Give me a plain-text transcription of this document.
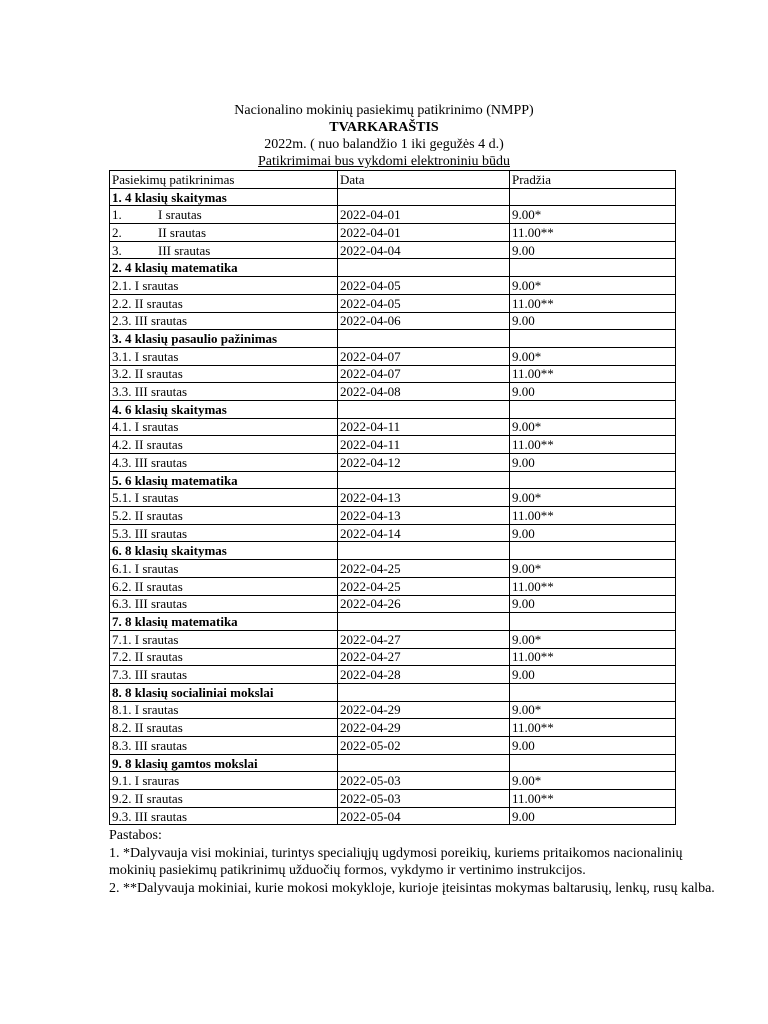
Nacionalino mokinių pasiekimų patikrinimo (NMPP)
TVARKARAŠTIS
2022m. ( nuo balandžio 1 iki gegužės 4 d.)
Patikrimimai bus vykdomi elektroniniu būdu
Pasiekimų patikrinimas	Data	Pradžia
1. 4 klasių skaitymas		
1. I srautas	2022-04-01	9.00*
2. II srautas	2022-04-01	11.00**
3. III srautas	2022-04-04	9.00
2. 4 klasių matematika		
2.1. I srautas	2022-04-05	9.00*
2.2. II srautas	2022-04-05	11.00**
2.3. III srautas	2022-04-06	9.00
3. 4 klasių pasaulio pažinimas		
3.1. I srautas	2022-04-07	9.00*
3.2. II srautas	2022-04-07	11.00**
3.3. III srautas	2022-04-08	9.00
4. 6 klasių skaitymas		
4.1. I srautas	2022-04-11	9.00*
4.2. II srautas	2022-04-11	11.00**
4.3. III srautas	2022-04-12	9.00
5. 6 klasių matematika		
5.1. I srautas	2022-04-13	9.00*
5.2. II srautas	2022-04-13	11.00**
5.3. III srautas	2022-04-14	9.00
6. 8 klasių skaitymas		
6.1. I srautas	2022-04-25	9.00*
6.2. II srautas	2022-04-25	11.00**
6.3. III srautas	2022-04-26	9.00
7. 8 klasių matematika		
7.1. I srautas	2022-04-27	9.00*
7.2. II srautas	2022-04-27	11.00**
7.3. III srautas	2022-04-28	9.00
8. 8 klasių socialiniai mokslai		
8.1. I srautas	2022-04-29	9.00*
8.2. II srautas	2022-04-29	11.00**
8.3. III srautas	2022-05-02	9.00
9. 8 klasių gamtos mokslai		
9.1. I srauras	2022-05-03	9.00*
9.2. II srautas	2022-05-03	11.00**
9.3. III srautas	2022-05-04	9.00

Pastabos:

1. *Dalyvauja visi mokiniai, turintys specialiųjų ugdymosi poreikių, kuriems pritaikomos nacionalinių mokinių pasiekimų patikrinimų užduočių formos, vykdymo ir vertinimo instrukcijos.

2. **Dalyvauja mokiniai, kurie mokosi mokykloje, kurioje įteisintas mokymas baltarusių, lenkų, rusų kalba.
